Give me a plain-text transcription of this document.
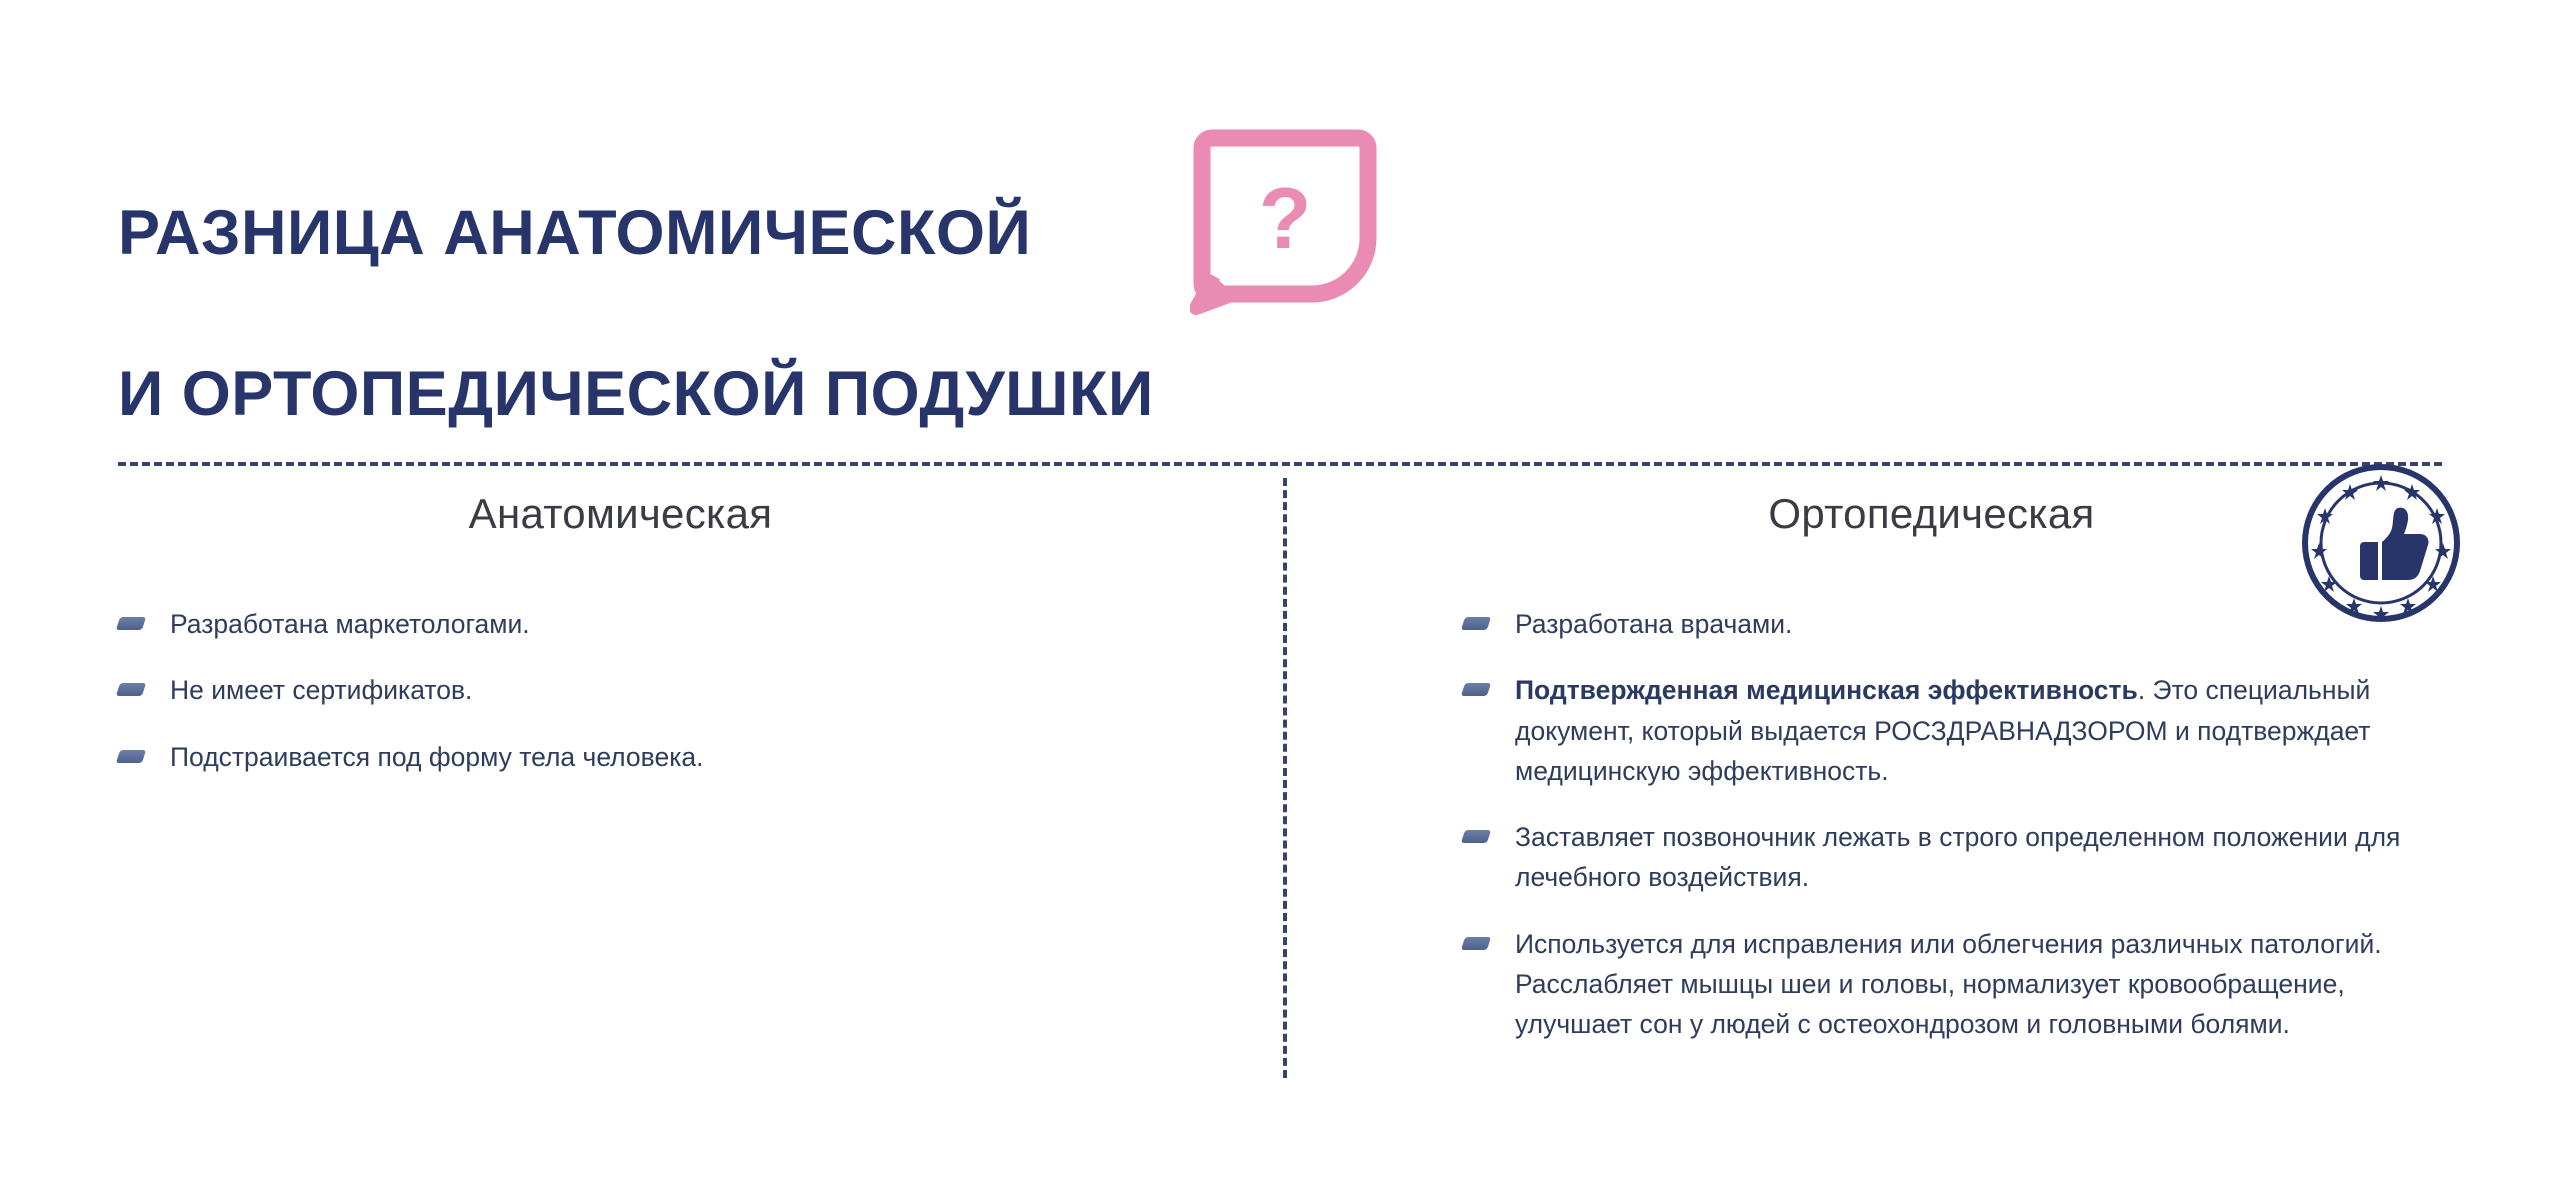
РАЗНИЦА АНАТОМИЧЕСКОЙ

И ОРТОПЕДИЧЕСКОЙ ПОДУШКИ

?
Анатомическая
Разработана маркетологами.
Не имеет сертификатов.
Подстраивается под форму тела человека.
Ортопедическая
Разработана врачами.
Подтвержденная медицинская эффективность. Это специальный документ, который выдается РОСЗДРАВНАДЗОРОМ и подтверждает медицинскую эффективность.
Заставляет позвоночник лежать в строго определенном положении для лечебного воздействия.
Используется для исправления или облегчения различных патологий. Расслабляет мышцы шеи и головы, нормализует кровообращение, улучшает сон у людей с остеохондрозом и головными болями.
